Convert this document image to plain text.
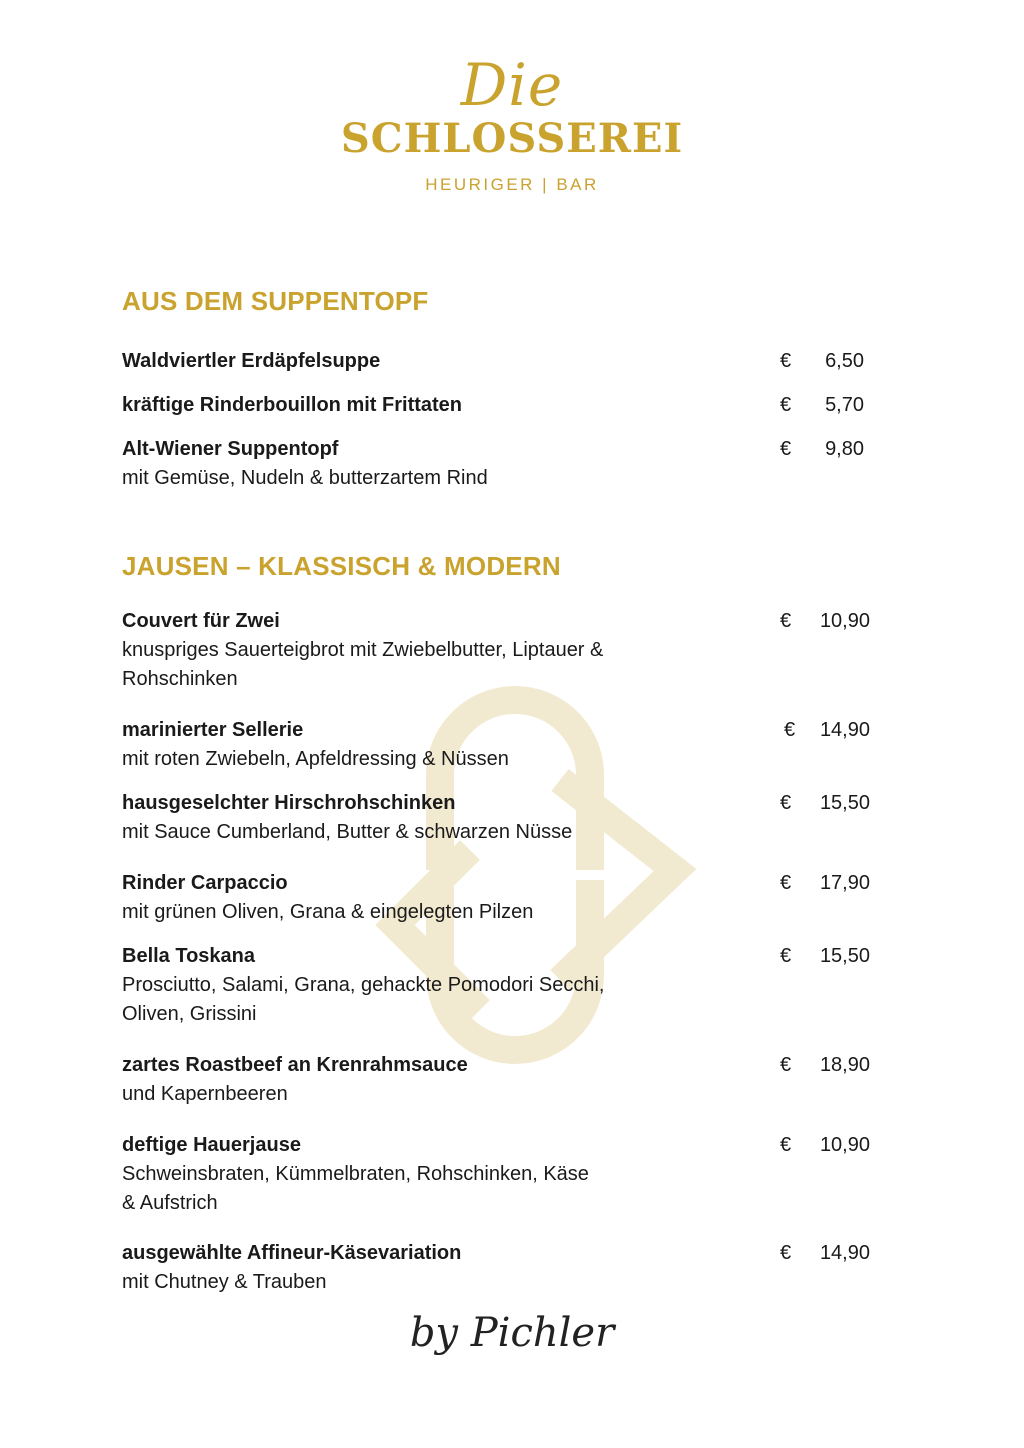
Die
SCHLOSSEREI
HEURIGER | BAR
AUS DEM SUPPENTOPF
Waldviertler Erdäpfelsuppe	€ 6,50
kräftige Rinderbouillon mit Frittaten	€ 5,70
Alt-Wiener Suppentopf
mit Gemüse, Nudeln & butterzartem Rind
€ 9,80
JAUSEN – KLASSISCH & MODERN
Couvert für Zwei
knuspriges Sauerteigbrot mit Zwiebelbutter, Liptauer & Rohschinken
€ 10,90
marinierter Sellerie
mit roten Zwiebeln, Apfeldressing & Nüssen
€ 14,90
hausgeselchter Hirschrohschinken
mit Sauce Cumberland, Butter & schwarzen Nüsse
€ 15,50
Rinder Carpaccio
mit grünen Oliven, Grana & eingelegten Pilzen
€ 17,90
Bella Toskana
Prosciutto, Salami, Grana, gehackte Pomodori Secchi, Oliven, Grissini
€ 15,50
zartes Roastbeef an Krenrahmsauce
und Kapernbeeren
€ 18,90
deftige Hauerjause
Schweinsbraten, Kümmelbraten, Rohschinken, Käse & Aufstrich
€ 10,90
ausgewählte Affineur-Käsevariation
mit Chutney & Trauben
€ 14,90
by Pichler
